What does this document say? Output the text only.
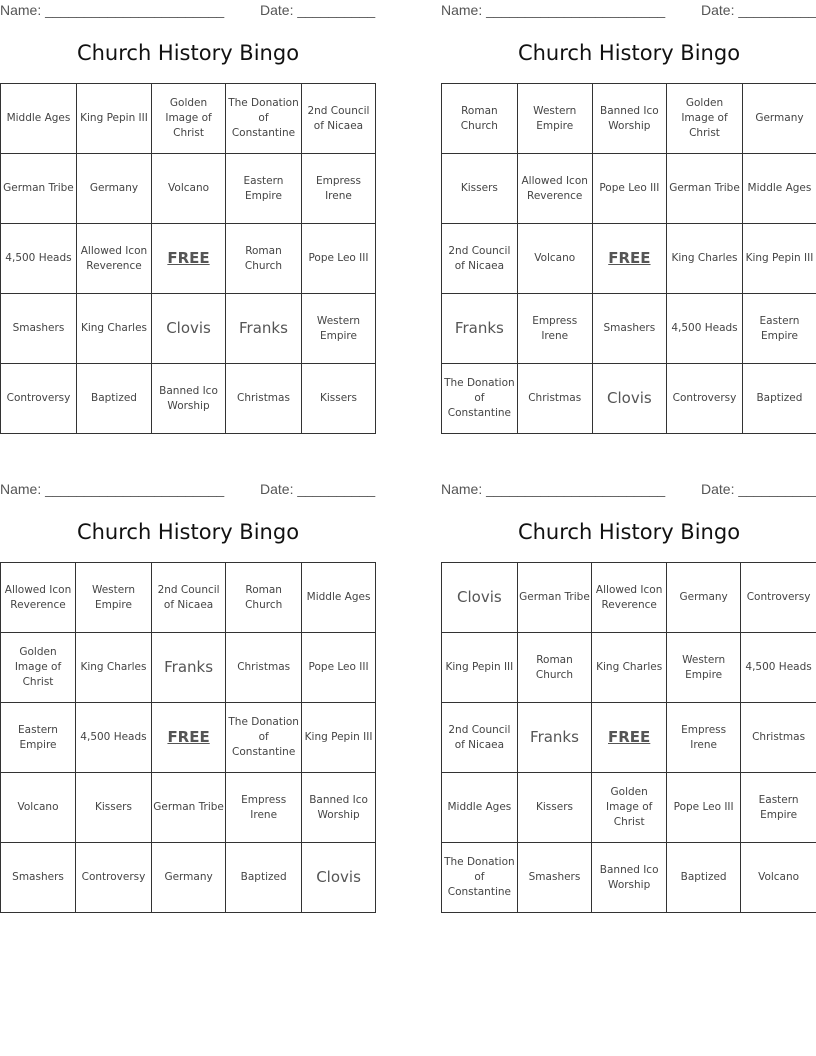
Name: _______________________	Date: __________
Church History Bingo
Middle Ages	King Pepin III	Golden Image of Christ	The Donation of Constantine	2nd Council of Nicaea
German Tribe	Germany	Volcano	Eastern Empire	Empress Irene
4,500 Heads	Allowed Icon Reverence	FREE	Roman Church	Pope Leo III
Smashers	King Charles	Clovis	Franks	Western Empire
Controversy	Baptized	Banned Ico Worship	Christmas	Kissers
Name: _______________________	Date: __________
Church History Bingo
Roman Church	Western Empire	Banned Ico Worship	Golden Image of Christ	Germany
Kissers	Allowed Icon Reverence	Pope Leo III	German Tribe	Middle Ages
2nd Council of Nicaea	Volcano	FREE	King Charles	King Pepin III
Franks	Empress Irene	Smashers	4,500 Heads	Eastern Empire
The Donation of Constantine	Christmas	Clovis	Controversy	Baptized
Name: _______________________	Date: __________
Church History Bingo
Allowed Icon Reverence	Western Empire	2nd Council of Nicaea	Roman Church	Middle Ages
Golden Image of Christ	King Charles	Franks	Christmas	Pope Leo III
Eastern Empire	4,500 Heads	FREE	The Donation of Constantine	King Pepin III
Volcano	Kissers	German Tribe	Empress Irene	Banned Ico Worship
Smashers	Controversy	Germany	Baptized	Clovis
Name: _______________________	Date: __________
Church History Bingo
Clovis	German Tribe	Allowed Icon Reverence	Germany	Controversy
King Pepin III	Roman Church	King Charles	Western Empire	4,500 Heads
2nd Council of Nicaea	Franks	FREE	Empress Irene	Christmas
Middle Ages	Kissers	Golden Image of Christ	Pope Leo III	Eastern Empire
The Donation of Constantine	Smashers	Banned Ico Worship	Baptized	Volcano
